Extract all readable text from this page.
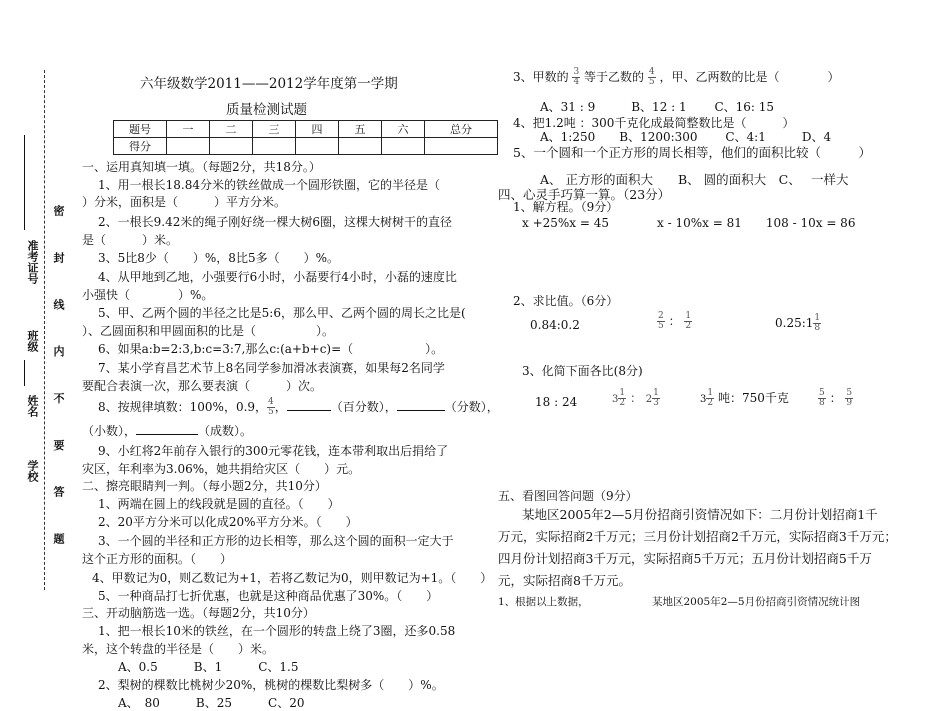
学校
姓名
班级
准考证号 密 封 线 内 不 要 答 题
六年级数学2011——2012学年度第一学期
质量检测试题
题号	一	二	三	四	五	六	总分
得分							
一、运用真知填一填。（每题2分，共18分。）
1、用一根长18.84分米的铁丝做成一个圆形铁圈，它的半径是（
）分米，面积是（　　　）平方分米。
2、一根长9.42米的绳子刚好绕一棵大树6圈，这棵大树树干的直径
是（　　　）米。
3、5比8少（　　）%，8比5多（　　）%。
4、从甲地到乙地，小强要行6小时，小磊要行4小时，小磊的速度比
小强快（　　　　）%。
5、甲、乙两个圆的半径之比是5:6，那么甲、乙两个圆的周长之比是(
）、乙圆面积和甲圆面积的比是（　　　　　）。
6、如果a:b=2:3,b:c=3:7,那么c:(a+b+c)=（　　　　　　）。
7、某小学育昌艺术节上8名同学参加滑冰表演赛，如果每2名同学
要配合表演一次，那么要表演（　　　）次。
8、按规律填数：100%，0.9， $\frac{4}{5}$ ，	（百分数），	（分数），
（小数），	（成数）。
9、小红将2年前存入银行的300元零花钱，连本带利取出后捐给了
灾区，年利率为3.06%，她共捐给灾区（　　）元。
二、擦亮眼睛判一判。（每小题2分，共10分）
1、两端在圆上的线段就是圆的直径。（　　）
2、20平方分米可以化成20%平方分米。（　　）
3、一个圆的半径和正方形的边长相等，那么这个圆的面积一定大于
这个正方形的面积。（　　）
4、甲数记为0，则乙数记为+1，若将乙数记为0，则甲数记为+1。（　　）
5、一种商品打七折优惠，也就是这种商品优惠了30%。（　　）
三、开动脑筋选一选。（每题2分，共10分）
1、把一根长10米的铁丝，在一个圆形的转盘上绕了3圈，还多0.58
米，这个转盘的半径是（　　）米。
A、0.5　　　B、1　　　C、1.5
2、梨树的棵数比桃树少20%，桃树的棵数比梨树多（　　）%。
A、　80　　　B、25　　　C、20
3、甲数的 $\frac{3}{4}$ 等于乙数的 $\frac{4}{5}$ ，甲、乙两数的比是（　　　　）
A、31 : 9　　　B、12 : 1　　 C、16: 15
4、把1.2吨 ：300千克化成最简整数比是（　　　）
A、1:250　　B、1200:300　　 C、4:1　　　D、4
5、一个圆和一个正方形的周长相等，他们的面积比较（　　　）
A、 正方形的面积大　　B、 圆的面积大　C、　 一样大
四、心灵手巧算一算。（23分）
1、解方程。（9分）
x +25%x = 45　　　　x - 10%x = 81　　108 - 10x = 86
2、求比值。（6分）
0.84:0.2	$\frac{2}{5}$ ： $\frac{1}{2}$	0.25:1 $\frac{1}{8}$
3、化简下面各比(8分)
18 : 24	$3 \frac{1}{2}$ ： $2 \frac{1}{3}$	$3 \frac{1}{2}$ 吨：750千克	$\frac{5}{8}$ ： $\frac{5}{9}$
五、看图回答问题（9分）
某地区2005年2—5月份招商引资情况如下：二月份计划招商1千
万元，实际招商2千万元；三月份计划招商2千万元，实际招商3千万元；
四月份计划招商3千万元，实际招商5千万元；五月份计划招商5千万
元，实际招商8千万元。
1、根据以上数据，	某地区2005年2—5月份招商引资情况统计图
